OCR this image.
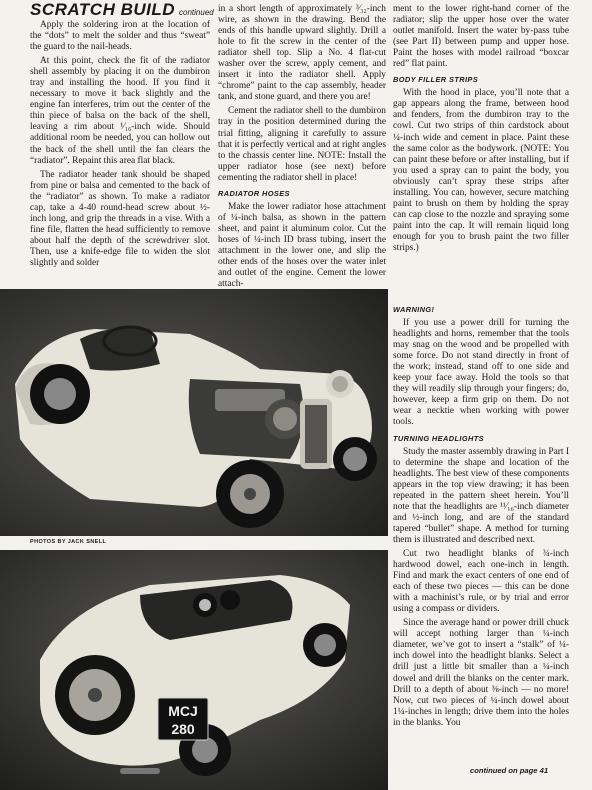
SCRATCH BUILD continued

Apply the soldering iron at the location of the “dots” to melt the solder and thus “sweat” the guard to the nail-heads.

At this point, check the fit of the radiator shell assembly by placing it on the dumbiron tray and installing the hood. If you find it necessary to move it back slightly and the engine fan interferes, trim out the center of the thin piece of balsa on the back of the shell, leaving a rim about ¹⁄₁₆-inch wide. Should additional room be needed, you can hollow out the back of the shell until the fan clears the “radiator”. Repaint this area flat black.

The radiator header tank should be shaped from pine or balsa and cemented to the back of the “radiator” as shown. To make a radiator cap, take a 4-40 round-head screw about ½-inch long, and grip the threads in a vise. With a fine file, flatten the head sufficiently to remove about half the depth of the screwdriver slot. Then, use a knife-edge file to widen the slot slightly and solder

in a short length of approximately ³⁄₃₂-inch wire, as shown in the drawing. Bend the ends of this handle upward slightly. Drill a hole to fit the screw in the center of the radiator shell top. Slip a No. 4 flat-cut washer over the screw, apply cement, and insert it into the radiator shell. Apply “chrome” paint to the cap assembly, header tank, and stone guard, and there you are!

Cement the radiator shell to the dumbiron tray in the position determined during the trial fitting, aligning it carefully to assure that it is perfectly vertical and at right angles to the chassis center line. NOTE: Install the upper radiator hose (see next) before cementing the radiator shell in place!

RADIATOR HOSES

Make the lower radiator hose attachment of ¼-inch balsa, as shown in the pattern sheet, and paint it aluminum color. Cut the hoses of ¼-inch ID brass tubing, insert the attachment in the lower one, and slip the other ends of the hoses over the water inlet and outlet of the engine. Cement the lower attach-

ment to the lower right-hand corner of the radiator; slip the upper hose over the water outlet manifold. Insert the water by-pass tube (see Part II) between pump and upper hose. Paint the hoses with model railroad “boxcar red” flat paint.

BODY FILLER STRIPS

With the hood in place, you’ll note that a gap appears along the frame, between hood and fenders, from the dumbiron tray to the cowl. Cut two strips of thin cardstock about ¼-inch wide and cement in place. Paint these the same color as the bodywork. (NOTE: You can paint these before or after installing, but if you used a spray can to paint the body, you obviously can’t spray these strips after installing. You can, however, secure matching paint to brush on them by holding the spray can cap close to the nozzle and spraying some paint into the cap. It will remain liquid long enough for you to brush paint the two filler strips.)

WARNING!

If you use a power drill for turning the headlights and horns, remember that the tools may snag on the wood and be propelled with some force. Do not stand directly in front of the work; instead, stand off to one side and keep your face away. Hold the tools so that they will readily slip through your fingers; do, however, keep a firm grip on them. Do not wear a necktie when working with power tools.

TURNING HEADLIGHTS

Study the master assembly drawing in Part I to determine the shape and location of the headlights. The best view of these components appears in the top view drawing; it has been repeated in the pattern sheet herein. You’ll note that the headlights are ¹¹⁄₁₆-inch diameter and ½-inch long, and are of the standard tapered “bullet” shape. A method for turning them is illustrated and described next.

Cut two headlight blanks of ¾-inch hardwood dowel, each one-inch in length. Find and mark the exact centers of one end of each of these two pieces — this can be done with a machinist’s rule, or by trial and error using a compass or dividers.

Since the average hand or power drill chuck will accept nothing larger than ¼-inch diameter, we’ve got to insert a “stalk” of ¼-inch dowel into the headlight blanks. Select a drill just a little bit smaller than a ¼-inch dowel and drill the blanks on the center mark. Drill to a depth of about ⅜-inch — no more! Now, cut two pieces of ¼-inch dowel about 1¼-inches in length; drive them into the holes in the blanks. You

PHOTOS BY JACK SNELL
MCJ
280
continued on page 41
